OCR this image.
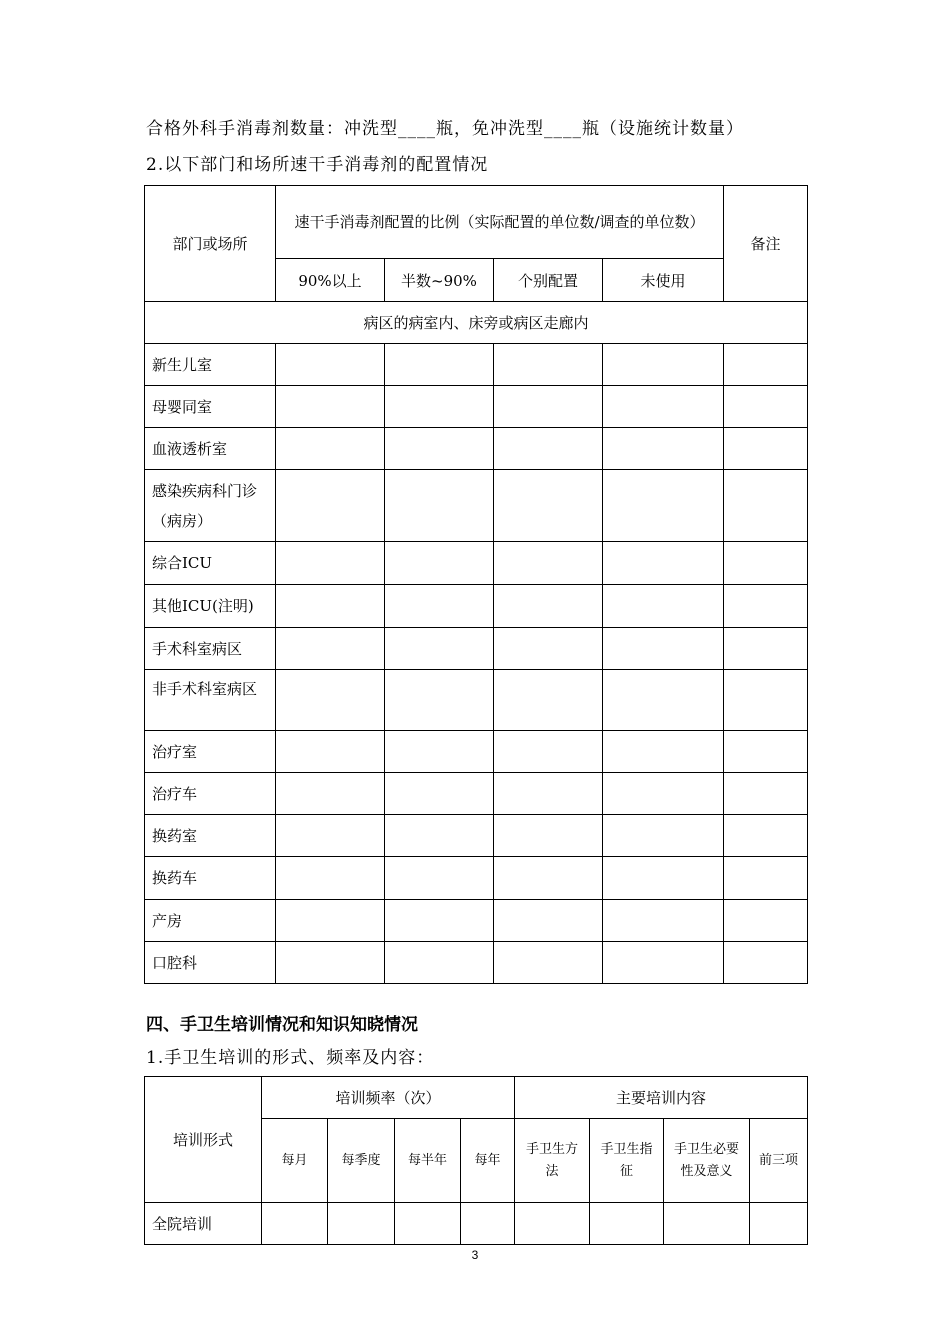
合格外科手消毒剂数量：冲洗型____瓶，免冲洗型____瓶（设施统计数量）
2.以下部门和场所速干手消毒剂的配置情况
部门或场所	速干手消毒剂配置的比例（实际配置的单位数/调查的单位数）				备注
	90%以上	半数~90%	个别配置	未使用	
病区的病室内、床旁或病区走廊内					
新生儿室					
母婴同室					
血液透析室					
感染疾病科门诊（病房）					
综合ICU					
其他ICU(注明)					
手术科室病区					
非手术科室病区					
治疗室					
治疗车					
换药室					
换药车					
产房					
口腔科					
四、手卫生培训情况和知识知晓情况
1.手卫生培训的形式、频率及内容：
培训形式	培训频率（次）				主要培训内容			
	每月	每季度	每半年	每年	手卫生方法	手卫生指征	手卫生必要性及意义	前三项
全院培训								
3
